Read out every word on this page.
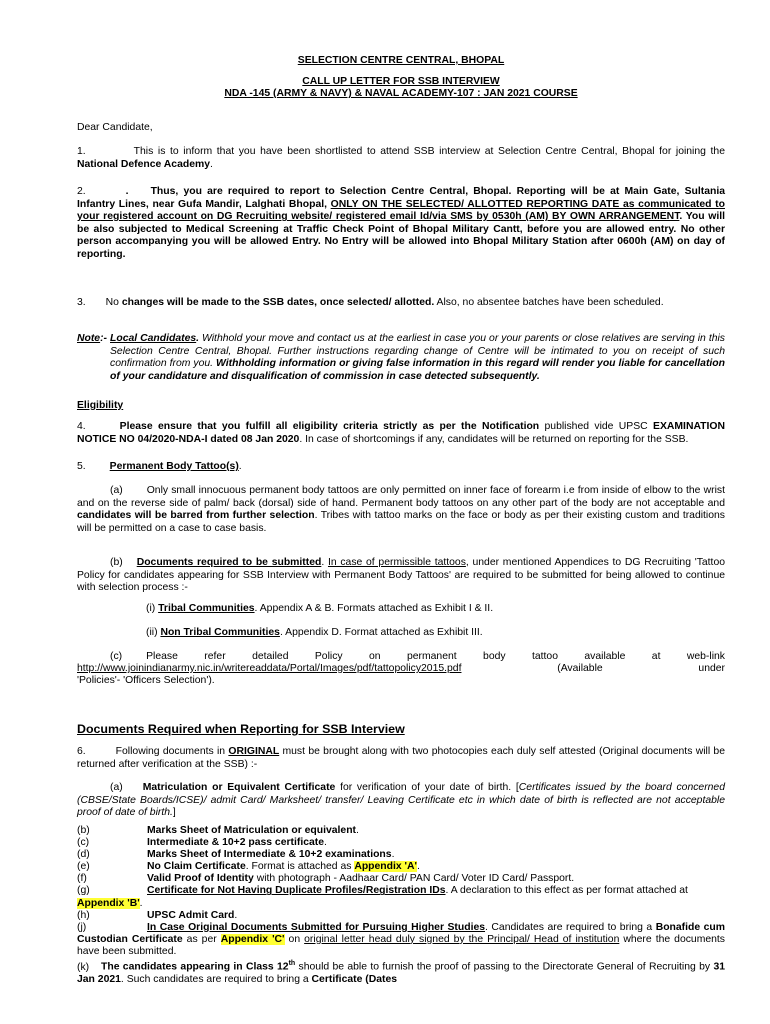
SELECTION CENTRE CENTRAL, BHOPAL

CALL UP LETTER FOR SSB INTERVIEW

NDA -145 (ARMY & NAVY) & NAVAL ACADEMY-107 : JAN 2021 COURSE

Dear Candidate,

1.	This is to inform that you have been shortlisted to attend SSB interview at Selection Centre Central, Bhopal for joining the National Defence Academy.

2.	. Thus, you are required to report to Selection Centre Central, Bhopal. Reporting will be at Main Gate, Sultania Infantry Lines, near Gufa Mandir, Lalghati Bhopal, ONLY ON THE SELECTED/ ALLOTTED REPORTING DATE as communicated to your registered account on DG Recruiting website/ registered email Id/via SMS by 0530h (AM) BY OWN ARRANGEMENT. You will be also subjected to Medical Screening at Traffic Check Point of Bhopal Military Cantt, before you are allowed entry. No other person accompanying you will be allowed Entry. No Entry will be allowed into Bhopal Military Station after 0600h (AM) on day of reporting.

3. No changes will be made to the SSB dates, once selected/ allotted. Also, no absentee batches have been scheduled.

Note:- Local Candidates. Withhold your move and contact us at the earliest in case you or your parents or close relatives are serving in this Selection Centre Central, Bhopal. Further instructions regarding change of Centre will be intimated to you on receipt of such confirmation from you. Withholding information or giving false information in this regard will render you liable for cancellation of your candidature and disqualification of commission in case detected subsequently.

Eligibility

4.	Please ensure that you fulfill all eligibility criteria strictly as per the Notification published vide UPSC EXAMINATION NOTICE NO 04/2020-NDA-I dated 08 Jan 2020. In case of shortcomings if any, candidates will be returned on reporting for the SSB.

5. Permanent Body Tattoo(s).

(a) Only small innocuous permanent body tattoos are only permitted on inner face of forearm i.e from inside of elbow to the wrist and on the reverse side of palm/ back (dorsal) side of hand. Permanent body tattoos on any other part of the body are not acceptable and candidates will be barred from further selection. Tribes with tattoo marks on the face or body as per their existing custom and traditions will be permitted on a case to case basis.

(b) Documents required to be submitted. In case of permissible tattoos, under mentioned Appendices to DG Recruiting 'Tattoo Policy for candidates appearing for SSB Interview with Permanent Body Tattoos' are required to be submitted for being allowed to continue with selection process :-

(i) Tribal Communities. Appendix A & B. Formats attached as Exhibit I & II.

(ii) Non Tribal Communities. Appendix D. Format attached as Exhibit III.

(c) Please refer detailed Policy on permanent body tattoo available at web-link

http://www.joinindianarmy.nic.in/writereaddata/Portal/Images/pdf/tattopolicy2015.pdf	(Available under

'Policies'- 'Officers Selection').

Documents Required when Reporting for SSB Interview

6.	Following documents in ORIGINAL must be brought along with two photocopies each duly self attested (Original documents will be returned after verification at the SSB) :-

(a) Matriculation or Equivalent Certificate for verification of your date of birth. [Certificates issued by the board concerned (CBSE/State Boards/ICSE)/ admit Card/ Marksheet/ transfer/ Leaving Certificate etc in which date of birth is reflected are not acceptable proof of date of birth.]

(b)	Marks Sheet of Matriculation or equivalent.
(c)	Intermediate & 10+2 pass certificate.
(d)	Marks Sheet of Intermediate & 10+2 examinations.
(e)	No Claim Certificate. Format is attached as Appendix 'A'.
(f)	Valid Proof of Identity with photograph - Aadhaar Card/ PAN Card/ Voter ID Card/ Passport.
(g)	Certificate for Not Having Duplicate Profiles/Registration IDs. A declaration to this effect as per format attached at Appendix 'B'.
(h)	UPSC Admit Card.
(j)	In Case Original Documents Submitted for Pursuing Higher Studies. Candidates are required to bring a Bonafide cum Custodian Certificate as per Appendix 'C' on original letter head duly signed by the Principal/ Head of institution where the documents have been submitted.
(k) The candidates appearing in Class 12th should be able to furnish the proof of passing to the Directorate General of Recruiting by 31 Jan 2021. Such candidates are required to bring a Certificate (Dates
